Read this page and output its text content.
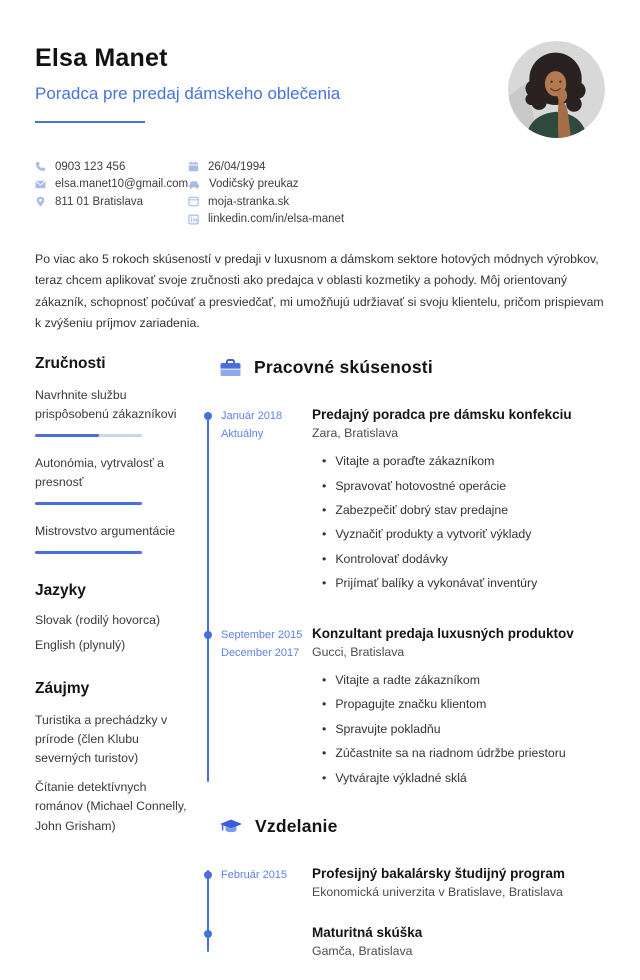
Elsa Manet
Poradca pre predaj dámskeho oblečenia
0903 123 456
elsa.manet10@gmail.com
811 01 Bratislava
26/04/1994
Vodičský preukaz
moja-stranka.sk
linkedin.com/in/elsa-manet

Po viac ako 5 rokoch skúseností v predaji v luxusnom a dámskom sektore hotových módnych výrobkov, teraz chcem aplikovať svoje zručnosti ako predajca v oblasti kozmetiky a pohody. Môj orientovaný zákazník, schopnosť počúvať a presviedčať, mi umožňujú udržiavať si svoju klientelu, pričom prispievam k zvýšeniu príjmov zariadenia.

Zručnosti
Navrhnite službu prispôsobenú zákazníkovi
Autonómia, vytrvalosť a presnosť
Mistrovstvo argumentácie
Jazyky

Slovak (rodilý hovorca)

English (plynulý)

Záujmy

Turistika a prechádzky v prírode (člen Klubu severných turistov)

Čítanie detektívnych románov (Michael Connelly, John Grisham)

Pracovné skúsenosti
Január 2018
Aktuálny
Predajný poradca pre dámsku konfekciu
Zara, Bratislava
• Vitajte a poraďte zákazníkom
• Spravovať hotovostné operácie
• Zabezpečiť dobrý stav predajne
• Vyznačiť produkty a vytvoriť výklady
• Kontrolovať dodávky
• Prijímať balíky a vykonávať inventúry
September 2015
December 2017
Konzultant predaja luxusných produktov
Gucci, Bratislava
• Vitajte a radte zákazníkom
• Propagujte značku klientom
• Spravujte pokladňu
• Zúčastnite sa na riadnom údržbe priestoru
• Vytvárajte výkladné sklá
Vzdelanie
Február 2015	Profesijný bakalársky študijný program
Ekonomická univerzita v Bratislave, Bratislava
Maturitná skúška
Gamča, Bratislava
